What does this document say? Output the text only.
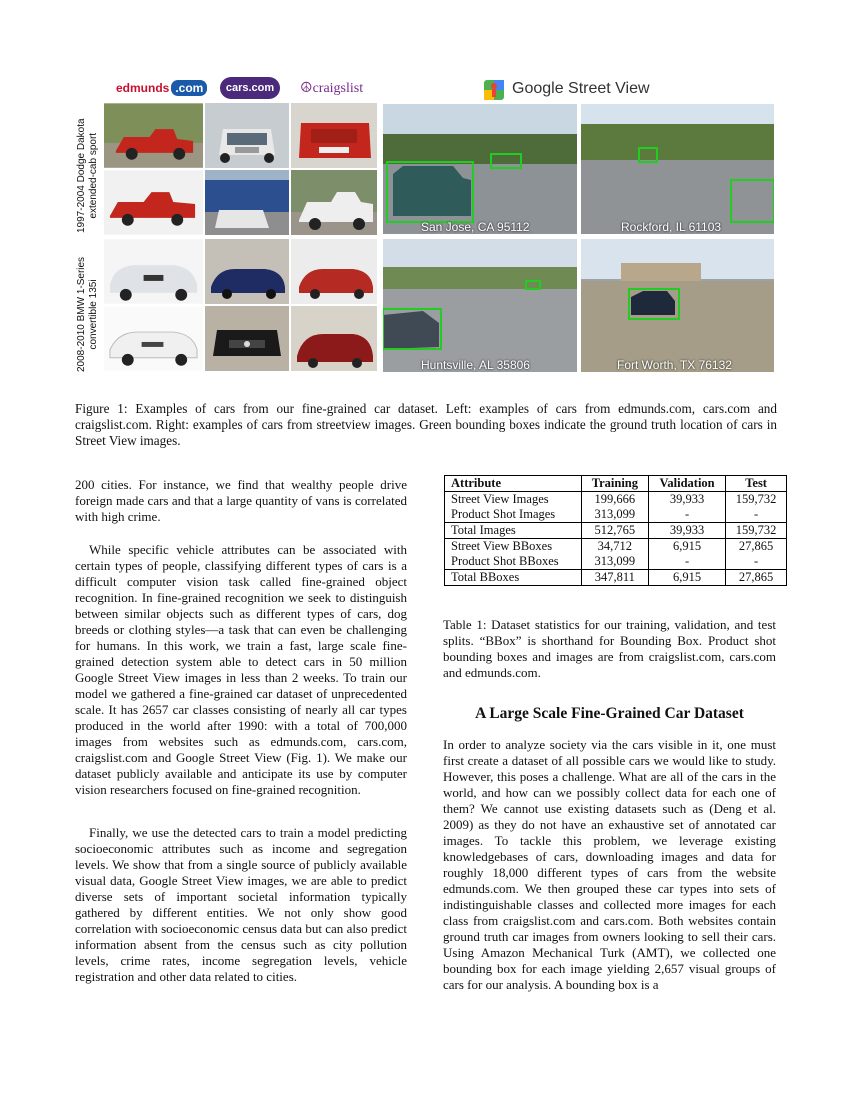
edmunds .com	cars.com	☮craigslist	Google Street View
1997-2004 Dodge Dakota extended-cab sport
2008-2010 BMW 1-Series convertible 135i
San Jose, CA 95112	Rockford, IL 61103
Huntsville, AL 35806	Fort Worth, TX 76132
Figure 1: Examples of cars from our fine-grained car dataset. Left: examples of cars from edmunds.com, cars.com and craigslist.com. Right: examples of cars from streetview images. Green bounding boxes indicate the ground truth location of cars in Street View images.
200 cities. For instance, we find that wealthy people drive foreign made cars and that a large quantity of vans is correlated with high crime.
While specific vehicle attributes can be associated with certain types of people, classifying different types of cars is a difficult computer vision task called fine-grained object recognition. In fine-grained recognition we seek to distinguish between similar objects such as different types of cars, dog breeds or clothing styles—a task that can even be challenging for humans. In this work, we train a fast, large scale fine-grained detection system able to detect cars in 50 million Google Street View images in less than 2 weeks. To train our model we gathered a fine-grained car dataset of unprecedented scale. It has 2657 car classes consisting of nearly all car types produced in the world after 1990: with a total of 700,000 images from websites such as edmunds.com, cars.com, craigslist.com and Google Street View (Fig. 1). We make our dataset publicly available and anticipate its use by computer vision researchers focused on fine-grained recognition.
Finally, we use the detected cars to train a model predicting socioeconomic attributes such as income and segregation levels. We show that from a single source of publicly available visual data, Google Street View images, we are able to predict diverse sets of important societal information typically gathered by different entities. We not only show good correlation with socioeconomic census data but can also predict information absent from the census such as city pollution levels, crime rates, income segregation levels, vehicle registration and other data related to cities.
Attribute	Training	Validation	Test
Street View Images	199,666	39,933	159,732
Product Shot Images	313,099	-	-
Total Images	512,765	39,933	159,732
Street View BBoxes	34,712	6,915	27,865
Product Shot BBoxes	313,099	-	-
Total BBoxes	347,811	6,915	27,865
Table 1: Dataset statistics for our training, validation, and test splits. “BBox” is shorthand for Bounding Box. Product shot bounding boxes and images are from craigslist.com, cars.com and edmunds.com.
A Large Scale Fine-Grained Car Dataset
In order to analyze society via the cars visible in it, one must first create a dataset of all possible cars we would like to study. However, this poses a challenge. What are all of the cars in the world, and how can we possibly collect data for each one of them? We cannot use existing datasets such as (Deng et al. 2009) as they do not have an exhaustive set of annotated car images. To tackle this problem, we leverage existing knowledgebases of cars, downloading images and data for roughly 18,000 different types of cars from the website edmunds.com. We then grouped these car types into sets of indistinguishable classes and collected more images for each class from craigslist.com and cars.com. Both websites contain ground truth car images from owners looking to sell their cars. Using Amazon Mechanical Turk (AMT), we collected one bounding box for each image yielding 2,657 visual groups of cars for our analysis. A bounding box is a
